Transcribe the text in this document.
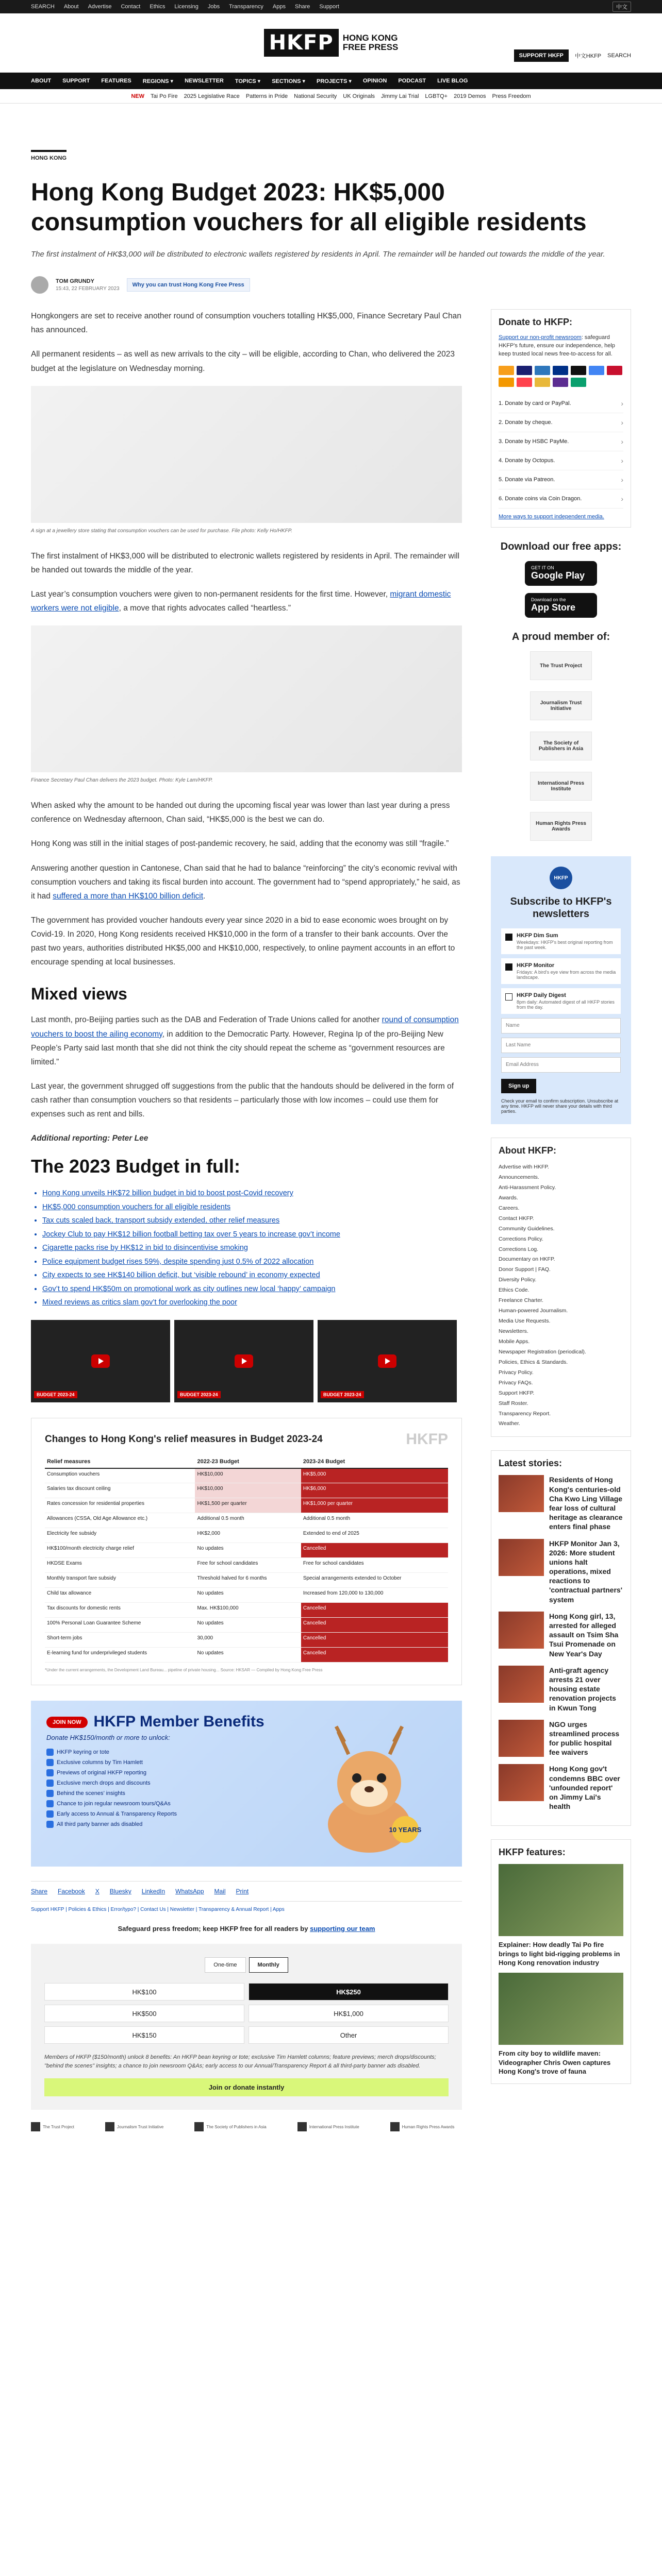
SEARCH About Advertise Contact Ethics Licensing Jobs Transparency Apps Share Support	中文
HKFP	HONG KONG
FREE PRESS
SUPPORT HKFP	中文HKFP SEARCH
ABOUT SUPPORT FEATURES REGIONS ▾ NEWSLETTER TOPICS ▾ SECTIONS ▾ PROJECTS ▾ OPINION PODCAST LIVE BLOG
NEW Tai Po Fire 2025 Legislative Race Patterns in Pride National Security UK Originals Jimmy Lai Trial LGBTQ+ 2019 Demos Press Freedom
HONG KONG
Hong Kong Budget 2023: HK$5,000 consumption vouchers for all eligible residents

The first instalment of HK$3,000 will be distributed to electronic wallets registered by residents in April. The remainder will be handed out towards the middle of the year.

TOM GRUNDY
15:43, 22 FEBRUARY 2023
Why you can trust Hong Kong Free Press

Hongkongers are set to receive another round of consumption vouchers totalling HK$5,000, Finance Secretary Paul Chan has announced.

All permanent residents – as well as new arrivals to the city – will be eligible, according to Chan, who delivered the 2023 budget at the legislature on Wednesday morning.

A sign at a jewellery store stating that consumption vouchers can be used for purchase. File photo: Kelly Ho/HKFP.

The first instalment of HK$3,000 will be distributed to electronic wallets registered by residents in April. The remainder will be handed out towards the middle of the year.

Last year’s consumption vouchers were given to non-permanent residents for the first time. However, migrant domestic workers were not eligible, a move that rights advocates called “heartless.”

Finance Secretary Paul Chan delivers the 2023 budget. Photo: Kyle Lam/HKFP.

When asked why the amount to be handed out during the upcoming fiscal year was lower than last year during a press conference on Wednesday afternoon, Chan said, “HK$5,000 is the best we can do.

Hong Kong was still in the initial stages of post-pandemic recovery, he said, adding that the economy was still “fragile.”

Answering another question in Cantonese, Chan said that he had to balance “reinforcing” the city’s economic revival with consumption vouchers and taking its fiscal burden into account. The government had to “spend appropriately,” he said, as it had suffered a more than HK$100 billion deficit.

The government has provided voucher handouts every year since 2020 in a bid to ease economic woes brought on by Covid-19. In 2020, Hong Kong residents received HK$10,000 in the form of a transfer to their bank accounts. Over the past two years, authorities distributed HK$5,000 and HK$10,000, respectively, to online payment accounts in an effort to encourage spending at local businesses.

Mixed views

Last month, pro-Beijing parties such as the DAB and Federation of Trade Unions called for another round of consumption vouchers to boost the ailing economy, in addition to the Democratic Party. However, Regina Ip of the pro-Beijing New People’s Party said last month that she did not think the city should repeat the scheme as “government resources are limited.”

Last year, the government shrugged off suggestions from the public that the handouts should be delivered in the form of cash rather than consumption vouchers so that residents – particularly those with low incomes – could use them for expenses such as rent and bills.

Additional reporting: Peter Lee

The 2023 Budget in full:
• Hong Kong unveils HK$72 billion budget in bid to boost post-Covid recovery
• HK$5,000 consumption vouchers for all eligible residents
• Tax cuts scaled back, transport subsidy extended, other relief measures
• Jockey Club to pay HK$12 billion football betting tax over 5 years to increase gov’t income
• Cigarette packs rise by HK$12 in bid to disincentivise smoking
• Police equipment budget rises 59%, despite spending just 0.5% of 2022 allocation
• City expects to see HK$140 billion deficit, but ‘visible rebound’ in economy expected
• Gov’t to spend HK$50m on promotional work as city outlines new local ‘happy’ campaign
• Mixed reviews as critics slam gov’t for overlooking the poor
BUDGET 2023-24	BUDGET 2023-24	BUDGET 2023-24
Changes to Hong Kong's relief measures in Budget 2023-24	HKFP
Relief measures	2022-23 Budget	2023-24 Budget
Consumption vouchers	HK$10,000	HK$5,000
Salaries tax discount ceiling	HK$10,000	HK$6,000
Rates concession for residential properties	HK$1,500 per quarter	HK$1,000 per quarter
Allowances (CSSA, Old Age Allowance etc.)	Additional 0.5 month	Additional 0.5 month
Electricity fee subsidy	HK$2,000	Extended to end of 2025
HK$100/month electricity charge relief	No updates	Cancelled
HKDSE Exams	Free for school candidates	Free for school candidates
Monthly transport fare subsidy	Threshold halved for 6 months	Special arrangements extended to October
Child tax allowance	No updates	Increased from 120,000 to 130,000
Tax discounts for domestic rents	Max. HK$100,000	Cancelled
100% Personal Loan Guarantee Scheme	No updates	Cancelled
Short-term jobs	30,000	Cancelled
E-learning fund for underprivileged students	No updates	Cancelled
*Under the current arrangements, the Development Land Bureau... pipeline of private housing... Source: HKSAR — Compiled by Hong Kong Free Press
JOIN NOW HKFP Member Benefits
Donate HK$150/month or more to unlock:
HKFP keyring or tote
Exclusive columns by Tim Hamlett
Previews of original HKFP reporting
Exclusive merch drops and discounts
Behind the scenes’ insights
Chance to join regular newsroom tours/Q&As
Early access to Annual & Transparency Reports
All third party banner ads disabled
10 YEARS
Share Facebook X Bluesky LinkedIn WhatsApp Mail Print
Support HKFP | Policies & Ethics | Error/typo? | Contact Us | Newsletter | Transparency & Annual Report | Apps
Safeguard press freedom; keep HKFP free for all readers by supporting our team
One-time	Monthly
HK$100	HK$250
HK$500	HK$1,000
HK$150	Other
Members of HKFP ($150/month) unlock 8 benefits: An HKFP bean keyring or tote; exclusive Tim Hamlett columns; feature previews; merch drops/discounts; "behind the scenes" insights; a chance to join newsroom Q&As; early access to our Annual/Transparency Report & all third-party banner ads disabled.
Join or donate instantly
The Trust Project	Journalism Trust Initiative	The Society of Publishers in Asia	International Press Institute	Human Rights Press Awards
Donate to HKFP:

Support our non-profit newsroom: safeguard HKFP's future, ensure our independence, help keep trusted local news free-to-access for all.

1. Donate by card or PayPal. ›
2. Donate by cheque. ›
3. Donate by HSBC PayMe. ›
4. Donate by Octopus. ›
5. Donate via Patreon. ›
6. Donate coins via Coin Dragon. ›
More ways to support independent media.
Download our free apps:
GET IT ON
Google Play
Download on the
App Store
A proud member of:
The Trust Project
Journalism Trust Initiative
The Society of Publishers in Asia
International Press Institute
Human Rights Press Awards
HKFP
Subscribe to HKFP's newsletters
HKFP Dim Sum
Weekdays: HKFP's best original reporting from the past week.
HKFP Monitor
Fridays: A bird's eye view from across the media landscape.
HKFP Daily Digest
8pm daily: Automated digest of all HKFP stories from the day.
Name
Last Name
Email Address
Sign up
Check your email to confirm subscription. Unsubscribe at any time. HKFP will never share your details with third parties.
About HKFP:
Advertise with HKFP.
Announcements.
Anti-Harassment Policy.
Awards.
Careers.
Contact HKFP.
Community Guidelines.
Corrections Policy.
Corrections Log.
Documentary on HKFP.
Donor Support | FAQ.
Diversity Policy.
Ethics Code.
Freelance Charter.
Human-powered Journalism.
Media Use Requests.
Newsletters.
Mobile Apps.
Newspaper Registration (periodical).
Policies, Ethics & Standards.
Privacy Policy.
Privacy FAQs.
Support HKFP.
Staff Roster.
Transparency Report.
Weather.
Latest stories:
Residents of Hong Kong's centuries-old Cha Kwo Ling Village fear loss of cultural heritage as clearance enters final phase
HKFP Monitor Jan 3, 2026: More student unions halt operations, mixed reactions to 'contractual partners' system
Hong Kong girl, 13, arrested for alleged assault on Tsim Sha Tsui Promenade on New Year's Day
Anti-graft agency arrests 21 over housing estate renovation projects in Kwun Tong
NGO urges streamlined process for public hospital fee waivers
Hong Kong gov't condemns BBC over 'unfounded report' on Jimmy Lai's health
HKFP features:
Explainer: How deadly Tai Po fire brings to light bid-rigging problems in Hong Kong renovation industry
From city boy to wildlife maven: Videographer Chris Owen captures Hong Kong's trove of fauna
